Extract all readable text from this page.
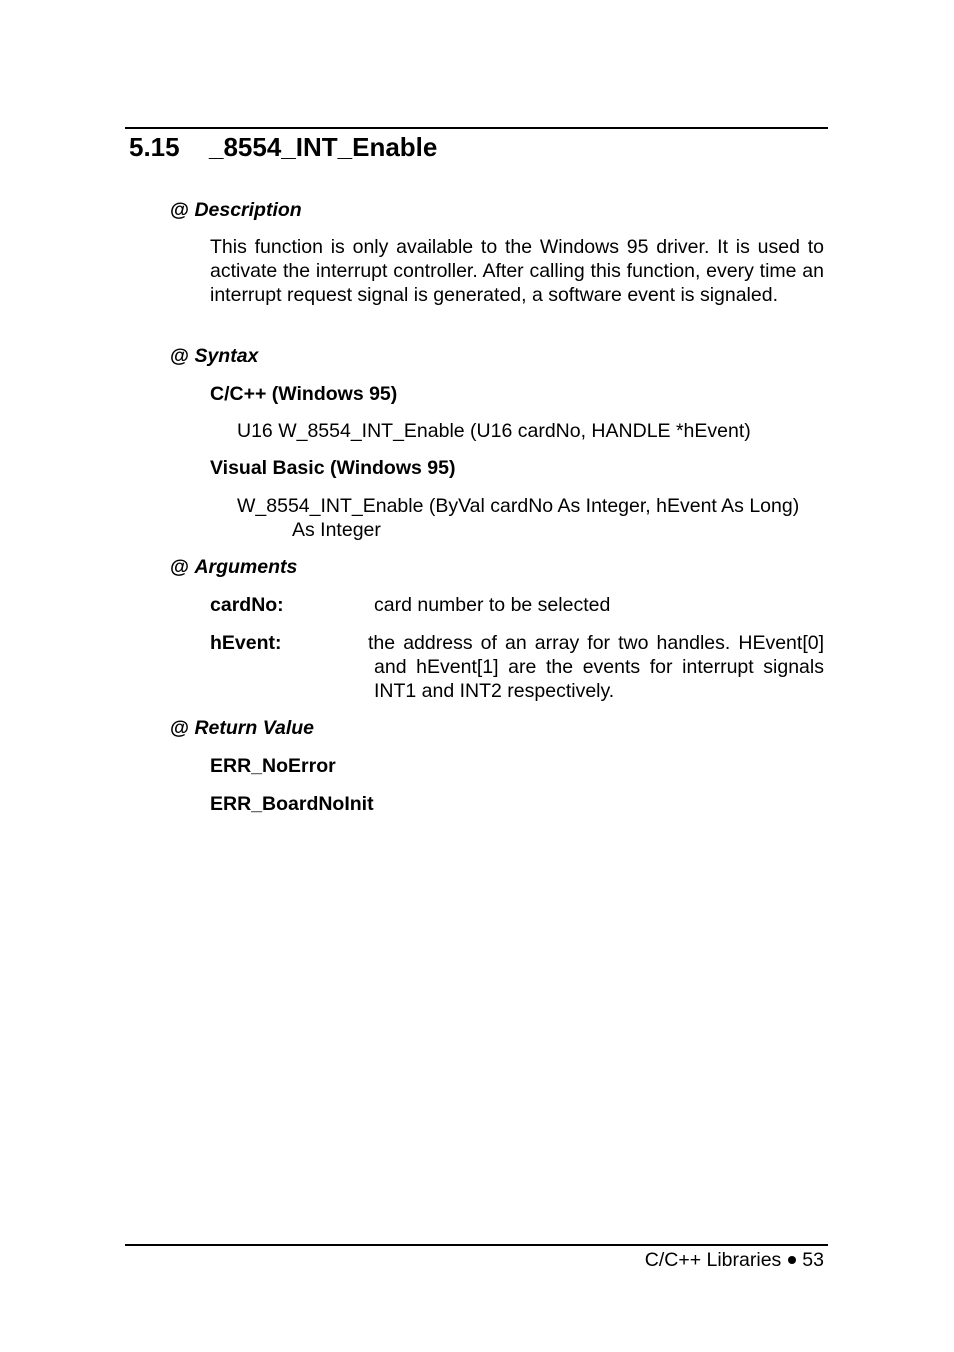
5.15 _8554_INT_Enable
@ Description
This function is only available to the Windows 95 driver. It is used to activate the interrupt controller. After calling this function, every time an interrupt request signal is generated, a software event is signaled.
@ Syntax
C/C++ (Windows 95)
U16 W_8554_INT_Enable (U16 cardNo, HANDLE *hEvent)
Visual Basic (Windows 95)
W_8554_INT_Enable (ByVal cardNo As Integer, hEvent As Long)
As Integer
@ Arguments
cardNo:	card number to be selected
hEvent:	the address of an array for two handles. HEvent[0]
and hEvent[1] are the events for interrupt signals INT1 and INT2 respectively.
@ Return Value
ERR_NoError
ERR_BoardNoInit
C/C++ Libraries 53
